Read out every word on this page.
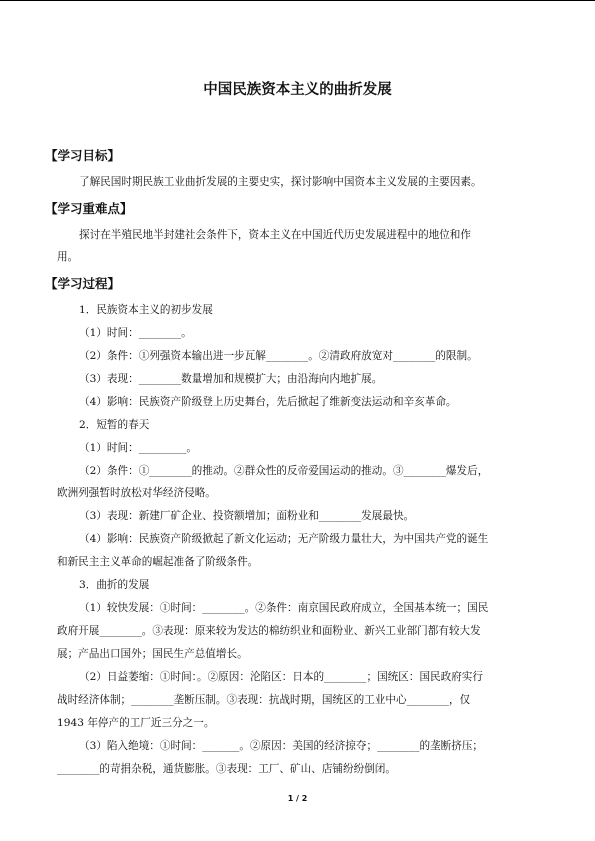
中国民族资本主义的曲折发展
【学习目标】
了解民国时期民族工业曲折发展的主要史实，探讨影响中国资本主义发展的主要因素。
【学习重难点】
探讨在半殖民地半封建社会条件下，资本主义在中国近代历史发展进程中的地位和作
用。
【学习过程】
1．民族资本主义的初步发展
（1）时间：________。
（2）条件：①列强资本输出进一步瓦解________。②清政府放宽对________的限制。
（3）表现：________数量增加和规模扩大；由沿海向内地扩展。
（4）影响：民族资产阶级登上历史舞台，先后掀起了维新变法运动和辛亥革命。
2．短暂的春天
（1）时间：_________。
（2）条件：①________的推动。②群众性的反帝爱国运动的推动。③________爆发后，
欧洲列强暂时放松对华经济侵略。
（3）表现：新建厂矿企业、投资额增加；面粉业和________发展最快。
（4）影响：民族资产阶级掀起了新文化运动；无产阶级力量壮大，为中国共产党的诞生
和新民主主义革命的崛起准备了阶级条件。
3．曲折的发展
（1）较快发展：①时间：________。②条件：南京国民政府成立，全国基本统一；国民
政府开展________。③表现：原来较为发达的棉纺织业和面粉业、新兴工业部门都有较大发
展；产品出口国外；国民生产总值增长。
（2）日益萎缩：①时间：。②原因：沦陷区：日本的________；国统区：国民政府实行
战时经济体制；________垄断压制。③表现：抗战时期，国统区的工业中心________，仅
1943 年停产的工厂近三分之一。
（3）陷入绝境：①时间：_______。②原因：美国的经济掠夺；________的垄断挤压；
________的苛捐杂税，通货膨胀。③表现：工厂、矿山、店铺纷纷倒闭。
1 / 2
